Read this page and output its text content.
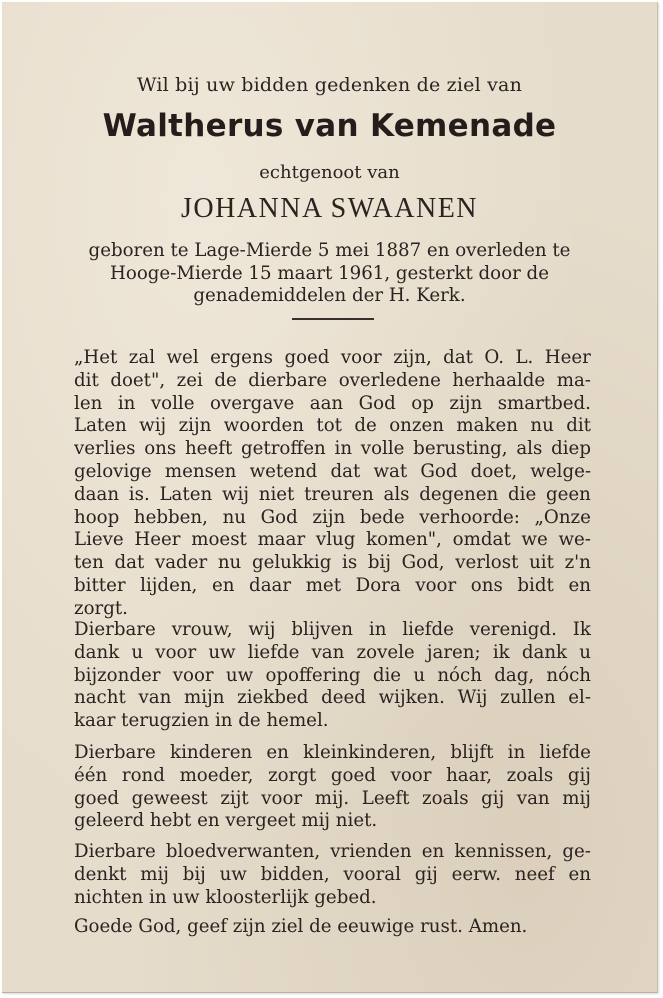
Wil bij uw bidden gedenken de ziel van
Waltherus van Kemenade
echtgenoot van
JOHANNA SWAANEN
geboren te Lage-Mierde 5 mei 1887 en overleden te
Hooge-Mierde 15 maart 1961, gesterkt door de
genademiddelen der H. Kerk.
„Het zal wel ergens goed voor zijn, dat O. L. Heer
dit doet", zei de dierbare overledene herhaalde ma-
len in volle overgave aan God op zijn smartbed.
Laten wij zijn woorden tot de onzen maken nu dit
verlies ons heeft getroffen in volle berusting, als diep
gelovige mensen wetend dat wat God doet, welge-
daan is. Laten wij niet treuren als degenen die geen
hoop hebben, nu God zijn bede verhoorde: „Onze
Lieve Heer moest maar vlug komen", omdat we we-
ten dat vader nu gelukkig is bij God, verlost uit z'n
bitter lijden, en daar met Dora voor ons bidt en
zorgt.
Dierbare vrouw, wij blijven in liefde verenigd. Ik
dank u voor uw liefde van zovele jaren; ik dank u
bijzonder voor uw opoffering die u nóch dag, nóch
nacht van mijn ziekbed deed wijken. Wij zullen el-
kaar terugzien in de hemel.
Dierbare kinderen en kleinkinderen, blijft in liefde
één rond moeder, zorgt goed voor haar, zoals gij
goed geweest zijt voor mij. Leeft zoals gij van mij
geleerd hebt en vergeet mij niet.
Dierbare bloedverwanten, vrienden en kennissen, ge-
denkt mij bij uw bidden, vooral gij eerw. neef en
nichten in uw kloosterlijk gebed.
Goede God, geef zijn ziel de eeuwige rust. Amen.
